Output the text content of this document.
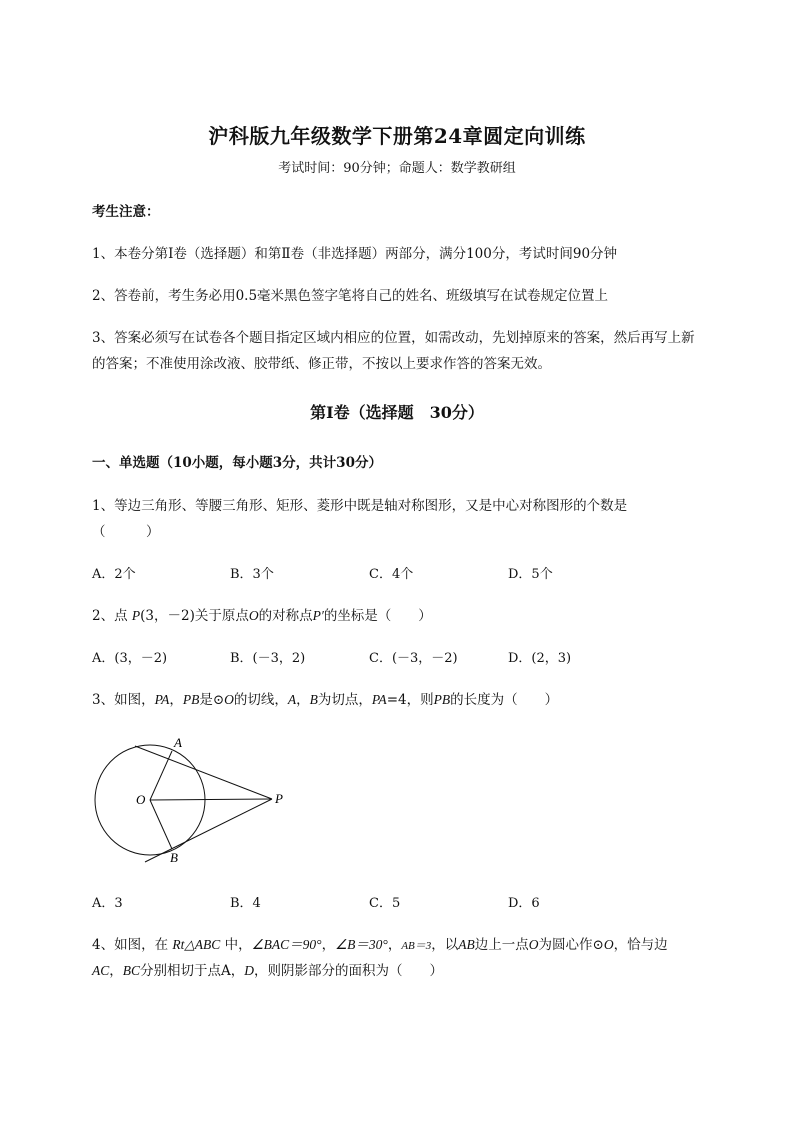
沪科版九年级数学下册第24章圆定向训练
考试时间：90分钟；命题人：数学教研组
考生注意：
1、本卷分第I卷（选择题）和第Ⅱ卷（非选择题）两部分，满分100分，考试时间90分钟
2、答卷前，考生务必用0.5毫米黑色签字笔将自己的姓名、班级填写在试卷规定位置上
3、答案必须写在试卷各个题目指定区域内相应的位置，如需改动，先划掉原来的答案，然后再写上新
的答案；不准使用涂改液、胶带纸、修正带，不按以上要求作答的答案无效。
第I卷（选择题　30分）
一、单选题（10小题，每小题3分，共计30分）
1、等边三角形、等腰三角形、矩形、菱形中既是轴对称图形，又是中心对称图形的个数是
（　　　）
A．2个	B．3个	C．4个	D．5个
2、点 P(3，－2)关于原点O的对称点P′的坐标是（　　）
A．(3，－2)	B．(－3，2)	C．(－3，－2)	D．(2，3)
3、如图，PA，PB是⊙O的切线，A，B为切点，PA=4，则PB的长度为（　　）
A
O	P
B
A．3	B．4	C．5	D．6
4、如图，在 Rt△ABC 中，∠BAC＝90°，∠B＝30°，AB＝3，以AB边上一点O为圆心作⊙O，恰与边
AC，BC分别相切于点A，D，则阴影部分的面积为（　　）
